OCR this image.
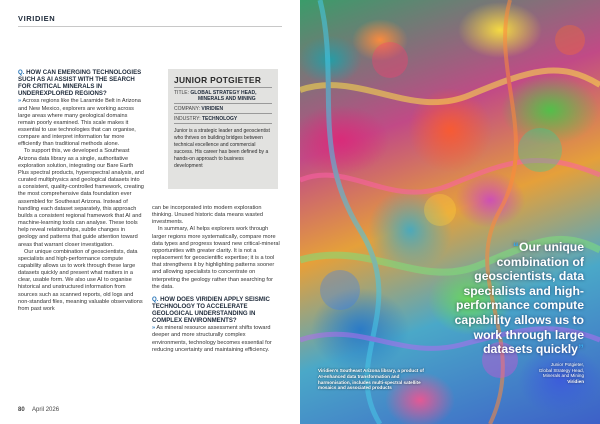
VIRIDIEN
Q. HOW CAN EMERGING TECHNOLOGIES SUCH AS AI ASSIST WITH THE SEARCH FOR CRITICAL MINERALS IN UNDEREXPLORED REGIONS?

» Across regions like the Laramide Belt in Arizona and New Mexico, explorers are working across large areas where many geological domains remain poorly examined. This scale makes it essential to use technologies that can organise, compare and interpret information far more efficiently than traditional methods alone.

To support this, we developed a Southeast Arizona data library as a single, authoritative exploration solution, integrating our Bare Earth Plus spectral products, hyperspectral analysis, and curated multiphysics and geological datasets into a consistent, quality-controlled framework, creating the most comprehensive data foundation ever assembled for Southeast Arizona. Instead of handling each dataset separately, this approach builds a consistent regional framework that AI and machine-learning tools can analyse. These tools help reveal relationships, subtle changes in geology and patterns that guide attention toward areas that warrant closer investigation.

Our unique combination of geoscientists, data specialists and high-performance compute capability allows us to work through these large datasets quickly and present what matters in a clear, usable form. We also use AI to organise historical and unstructured information from sources such as scanned reports, old logs and non-standard files, meaning valuable observations from past work

JUNIOR POTGIETER
TITLE: GLOBAL STRATEGY HEAD,
MINERALS AND MINING
COMPANY: VIRIDIEN
INDUSTRY: TECHNOLOGY
Junior is a strategic leader and geoscientist who thrives on building bridges between technical excellence and commercial success. His career has been defined by a hands-on approach to business development

can be incorporated into modern exploration thinking. Unused historic data means wasted investments.

In summary, AI helps explorers work through larger regions more systematically, compare more data types and progress toward new critical-mineral opportunities with greater clarity. It is not a replacement for geoscientific expertise; it is a tool that strengthens it by highlighting patterns sooner and allowing specialists to concentrate on interpreting the geology rather than searching for the data.

Q. HOW DOES VIRIDIEN APPLY SEISMIC TECHNOLOGY TO ACCELERATE GEOLOGICAL UNDERSTANDING IN COMPLEX ENVIRONMENTS?

» As mineral resource assessment shifts toward deeper and more structurally complex environments, technology becomes essential for reducing uncertainty and maintaining efficiency.

80 April 2026
“Our unique combination of geoscientists, data specialists and high-performance compute capability allows us to work through large datasets quickly”
Junior Potgieter,
Global Strategy Head,
Minerals and Mining
Viridien
Viridien's Southeast Arizona library, a product of AI-enhanced data transformation and harmonisation, includes multi-spectral satellite mosaics and associated products
